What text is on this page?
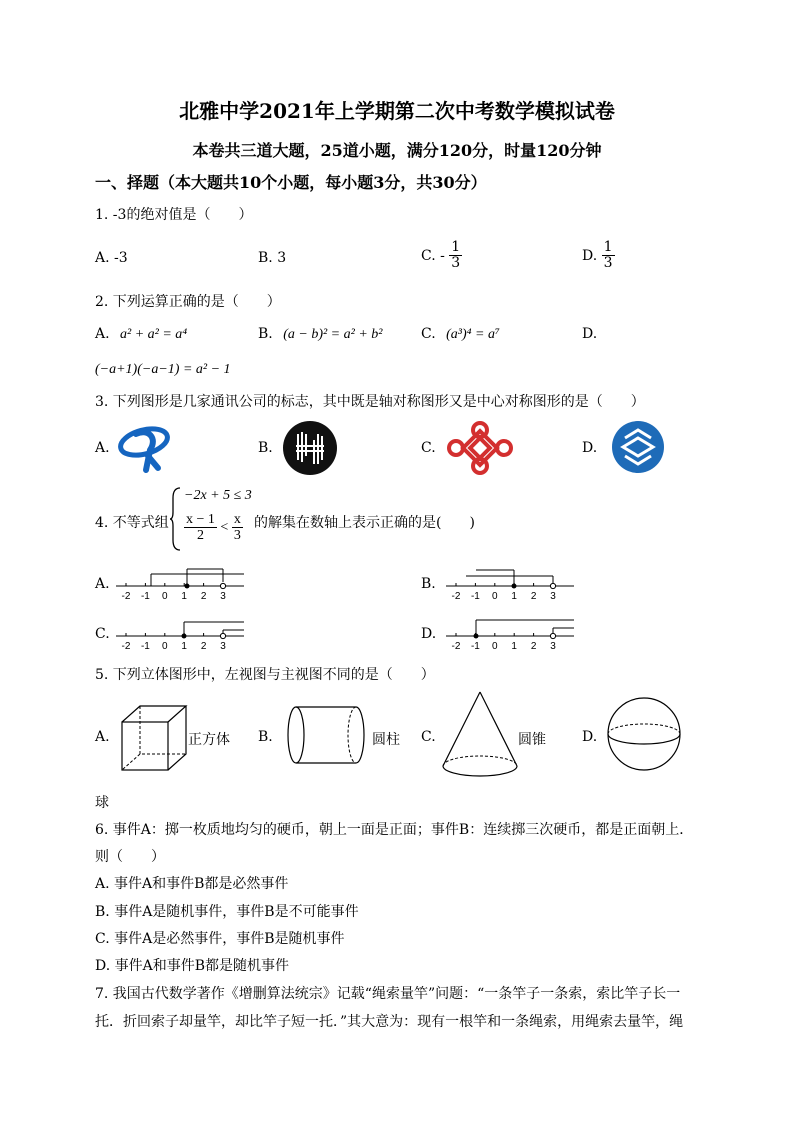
北雅中学2021年上学期第二次中考数学模拟试卷
本卷共三道大题，25道小题，满分120分，时量120分钟
一、择题（本大题共10个小题，每小题3分，共30分）
1. -3的绝对值是（　　）
A. -3	B. 3	C. - $\frac{1}{3}$	D. $\frac{1}{3}$
2. 下列运算正确的是（　　）
A. a² + a² = a⁴	B. (a − b)² = a² + b²	C. (a³)⁴ = a⁷	D.
(−a+1)(−a−1) = a² − 1
3. 下列图形是几家通讯公司的标志，其中既是轴对称图形又是中心对称图形的是（　　）
A.	B.	C.	D.
4. 不等式组
−2x + 5 ≤ 3
$\frac{x - 1}{2} < \frac{x}{3}$ 的解集在数轴上表示正确的是(　　)
A.	B.
C.	D.
-2 -1 0 1 2 3	-2 -1 0 1 2 3
-2 -1 0 1 2 3	-2 -1 0 1 2 3
5. 下列立体图形中，左视图与主视图不同的是（　　）
A.	正方体 B.	圆柱 C.	圆锥	D.
球
6. 事件A：掷一枚质地均匀的硬币，朝上一面是正面；事件B：连续掷三次硬币，都是正面朝上．
则（　　）
A. 事件A和事件B都是必然事件
B. 事件A是随机事件，事件B是不可能事件
C. 事件A是必然事件，事件B是随机事件
D. 事件A和事件B都是随机事件
7. 我国古代数学著作《增删算法统宗》记载“绳索量竿”问题：“一条竿子一条索，索比竿子长一
托．折回索子却量竿，却比竿子短一托．”其大意为：现有一根竿和一条绳索，用绳索去量竿，绳
